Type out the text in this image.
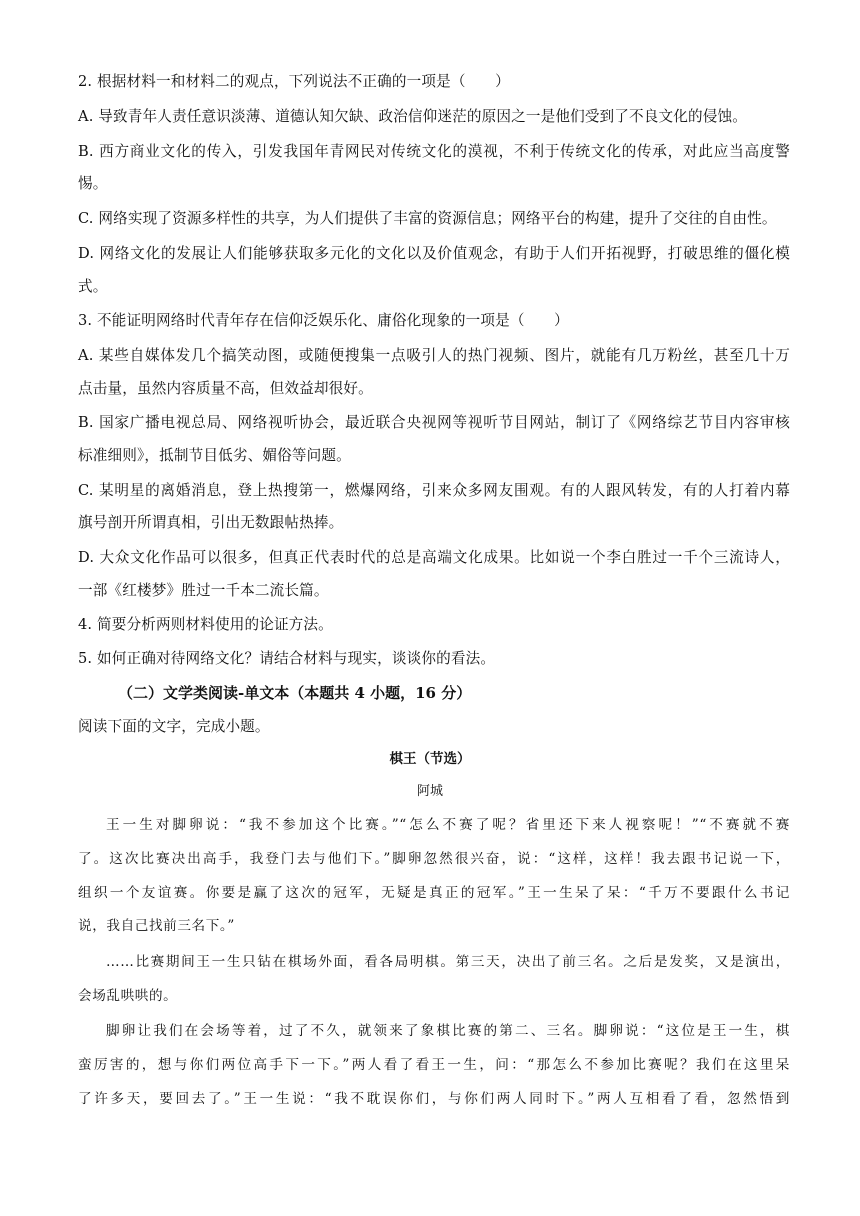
2. 根据材料一和材料二的观点，下列说法不正确的一项是（　　）
A. 导致青年人责任意识淡薄、道德认知欠缺、政治信仰迷茫的原因之一是他们受到了不良文化的侵蚀。
B. 西方商业文化的传入，引发我国年青网民对传统文化的漠视，不利于传统文化的传承，对此应当高度警
惕。
C. 网络实现了资源多样性的共享，为人们提供了丰富的资源信息；网络平台的构建，提升了交往的自由性。
D. 网络文化的发展让人们能够获取多元化的文化以及价值观念，有助于人们开拓视野，打破思维的僵化模
式。
3. 不能证明网络时代青年存在信仰泛娱乐化、庸俗化现象的一项是（　　）
A. 某些自媒体发几个搞笑动图，或随便搜集一点吸引人的热门视频、图片，就能有几万粉丝，甚至几十万
点击量，虽然内容质量不高，但效益却很好。
B. 国家广播电视总局、网络视听协会，最近联合央视网等视听节目网站，制订了《网络综艺节目内容审核
标准细则》，抵制节目低劣、媚俗等问题。
C. 某明星的离婚消息，登上热搜第一，燃爆网络，引来众多网友围观。有的人跟风转发，有的人打着内幕
旗号剖开所谓真相，引出无数跟帖热捧。
D. 大众文化作品可以很多，但真正代表时代的总是高端文化成果。比如说一个李白胜过一千个三流诗人，
一部《红楼梦》胜过一千本二流长篇。
4. 简要分析两则材料使用的论证方法。
5. 如何正确对待网络文化？请结合材料与现实，谈谈你的看法。
（二）文学类阅读-单文本（本题共 4 小题，16 分）
阅读下面的文字，完成小题。
棋王（节选）
阿城
王一生对脚卵说：“我不参加这个比赛。”“怎么不赛了呢？省里还下来人视察呢！”“不赛就不赛
了。这次比赛决出高手，我登门去与他们下。”脚卵忽然很兴奋，说：“这样，这样！我去跟书记说一下，
组织一个友谊赛。你要是赢了这次的冠军，无疑是真正的冠军。”王一生呆了呆：“千万不要跟什么书记
说，我自己找前三名下。”
……比赛期间王一生只钻在棋场外面，看各局明棋。第三天，决出了前三名。之后是发奖，又是演出，
会场乱哄哄的。
脚卵让我们在会场等着，过了不久，就领来了象棋比赛的第二、三名。脚卵说：“这位是王一生，棋
蛮厉害的，想与你们两位高手下一下。”两人看了看王一生，问：“那怎么不参加比赛呢？我们在这里呆
了许多天，要回去了。”王一生说：“我不耽误你们，与你们两人同时下。”两人互相看了看，忽然悟到
